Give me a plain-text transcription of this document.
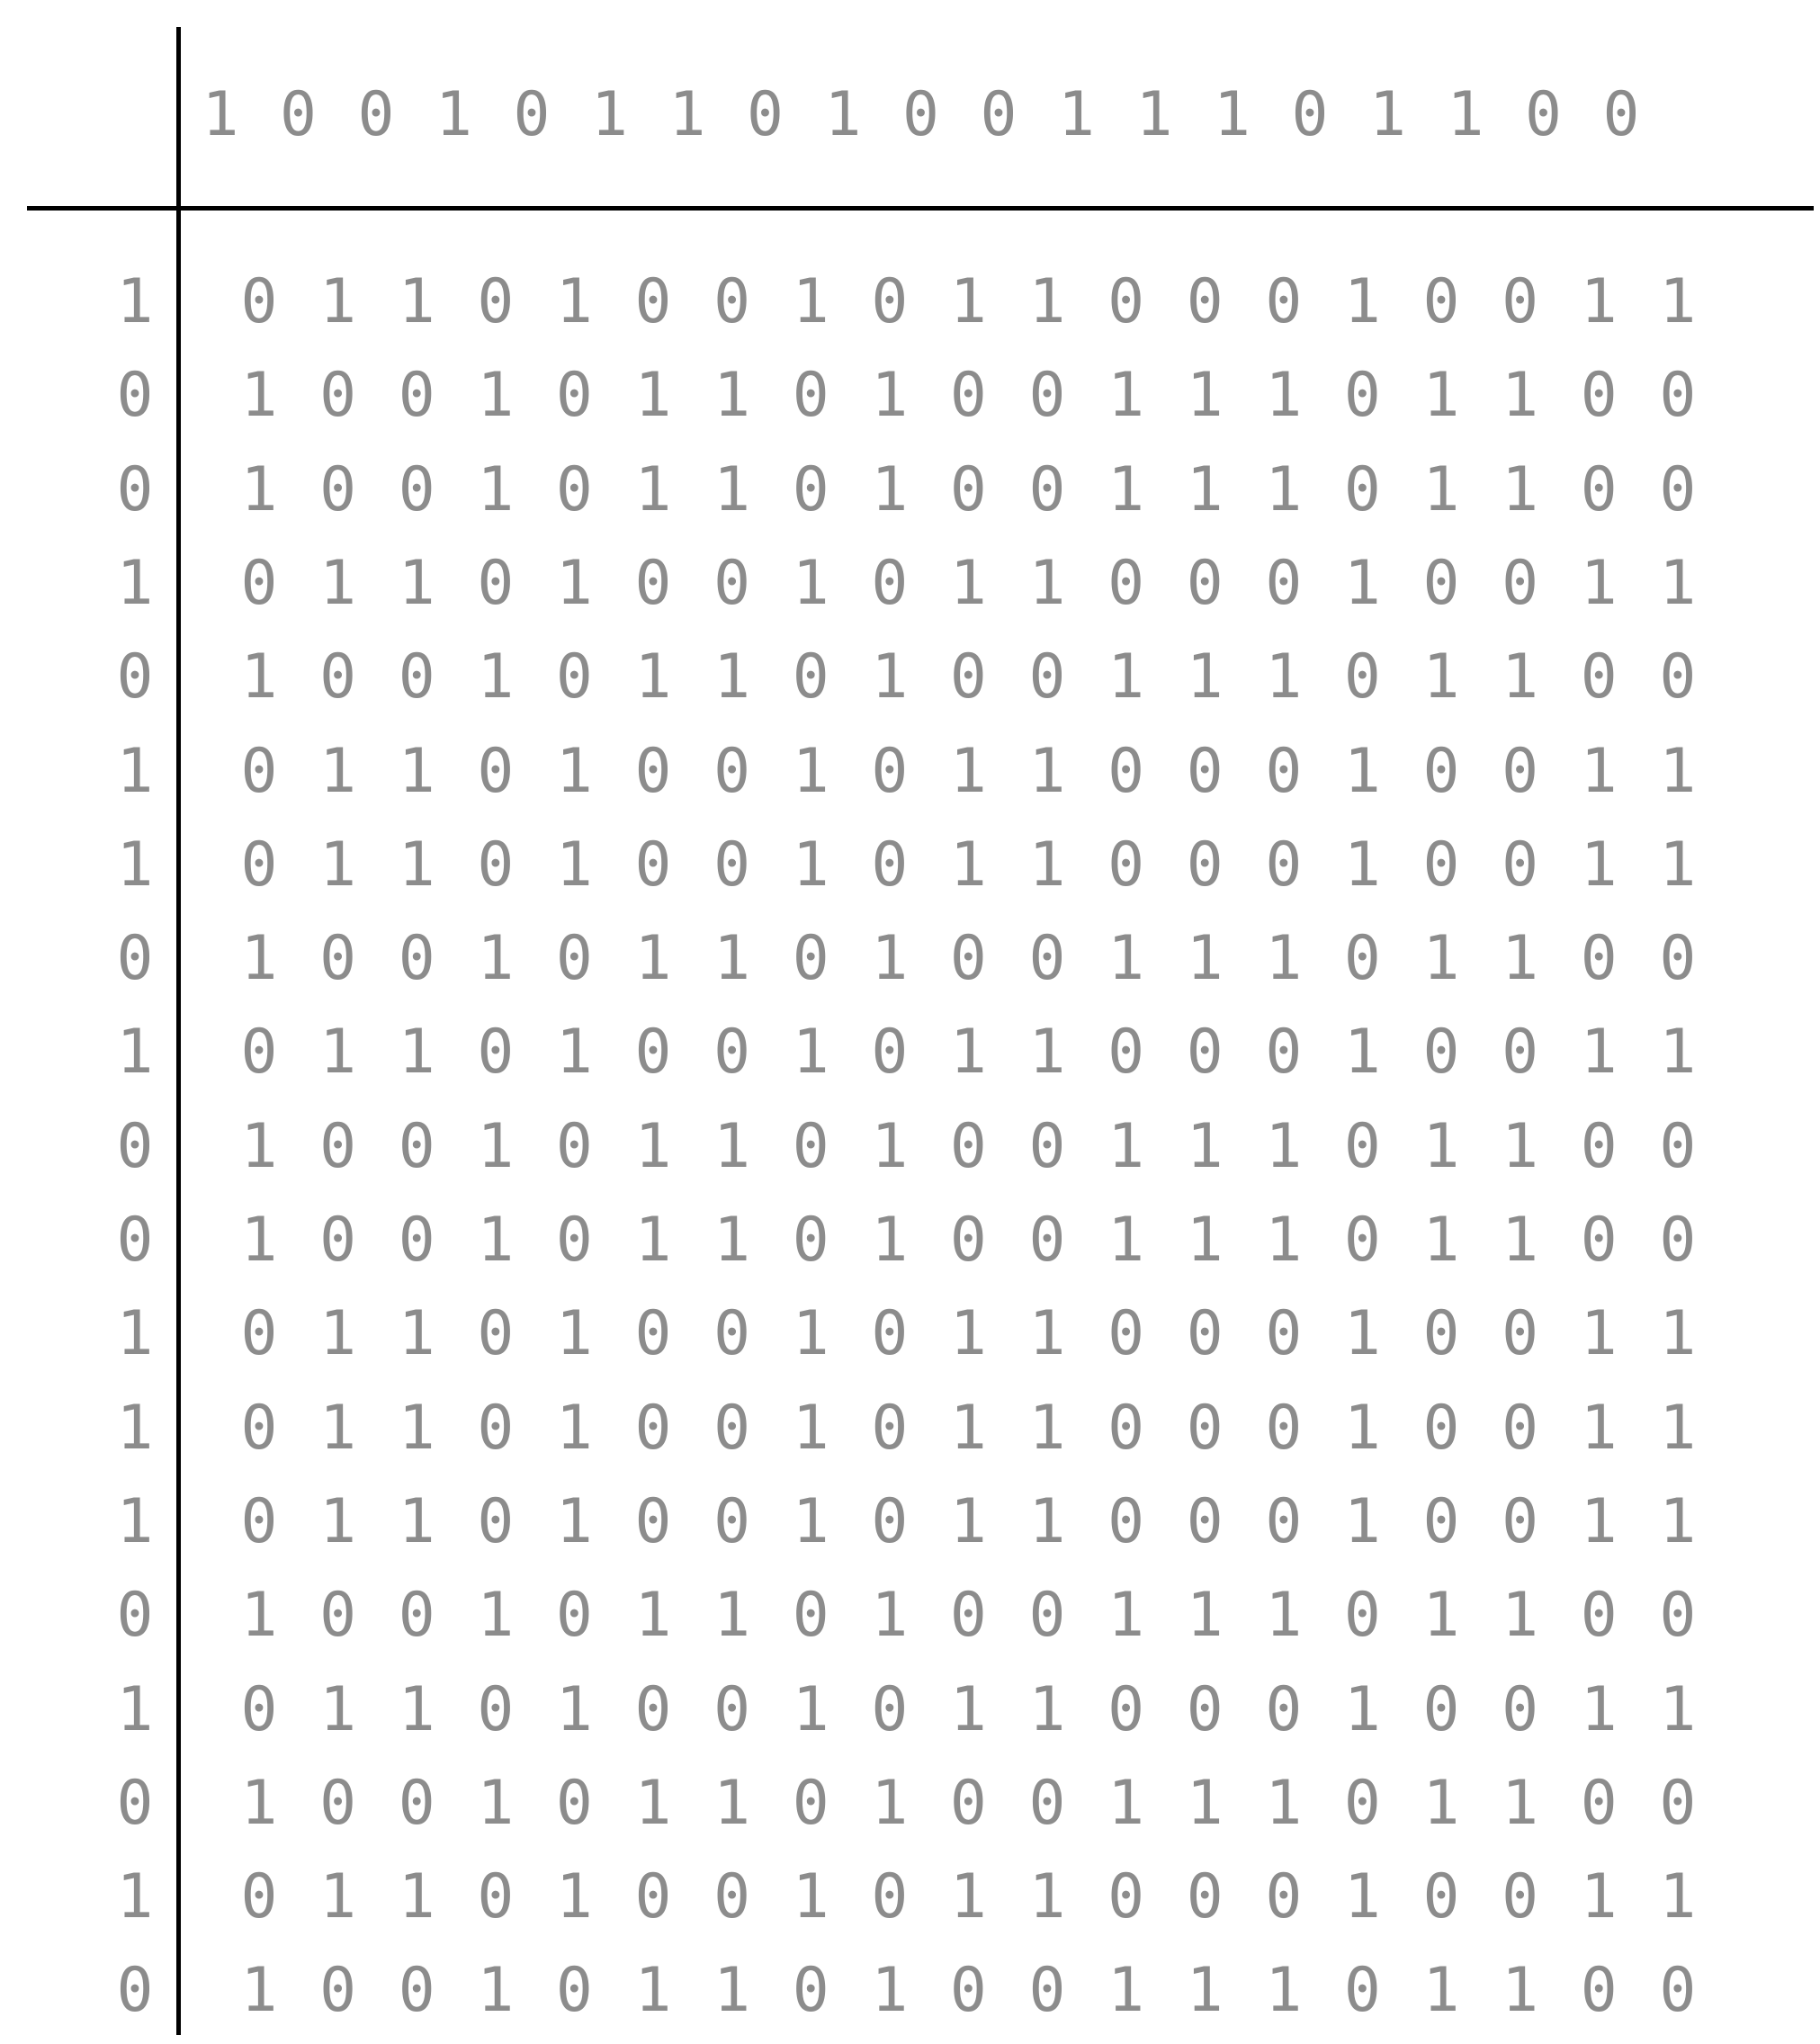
1 0 0 1 0 1 1 0 1 0 0 1 1 1 0 1 1 0 0
1
0
0
1
0
1
1
0
1
0
0
1
1
1
0
1
0
1
0
0 1 1 0 1 0 0 1 0 1 1 0 0 0 1 0 0 1 1
1 0 0 1 0 1 1 0 1 0 0 1 1 1 0 1 1 0 0
1 0 0 1 0 1 1 0 1 0 0 1 1 1 0 1 1 0 0
0 1 1 0 1 0 0 1 0 1 1 0 0 0 1 0 0 1 1
1 0 0 1 0 1 1 0 1 0 0 1 1 1 0 1 1 0 0
0 1 1 0 1 0 0 1 0 1 1 0 0 0 1 0 0 1 1
0 1 1 0 1 0 0 1 0 1 1 0 0 0 1 0 0 1 1
1 0 0 1 0 1 1 0 1 0 0 1 1 1 0 1 1 0 0
0 1 1 0 1 0 0 1 0 1 1 0 0 0 1 0 0 1 1
1 0 0 1 0 1 1 0 1 0 0 1 1 1 0 1 1 0 0
1 0 0 1 0 1 1 0 1 0 0 1 1 1 0 1 1 0 0
0 1 1 0 1 0 0 1 0 1 1 0 0 0 1 0 0 1 1
0 1 1 0 1 0 0 1 0 1 1 0 0 0 1 0 0 1 1
0 1 1 0 1 0 0 1 0 1 1 0 0 0 1 0 0 1 1
1 0 0 1 0 1 1 0 1 0 0 1 1 1 0 1 1 0 0
0 1 1 0 1 0 0 1 0 1 1 0 0 0 1 0 0 1 1
1 0 0 1 0 1 1 0 1 0 0 1 1 1 0 1 1 0 0
0 1 1 0 1 0 0 1 0 1 1 0 0 0 1 0 0 1 1
1 0 0 1 0 1 1 0 1 0 0 1 1 1 0 1 1 0 0
